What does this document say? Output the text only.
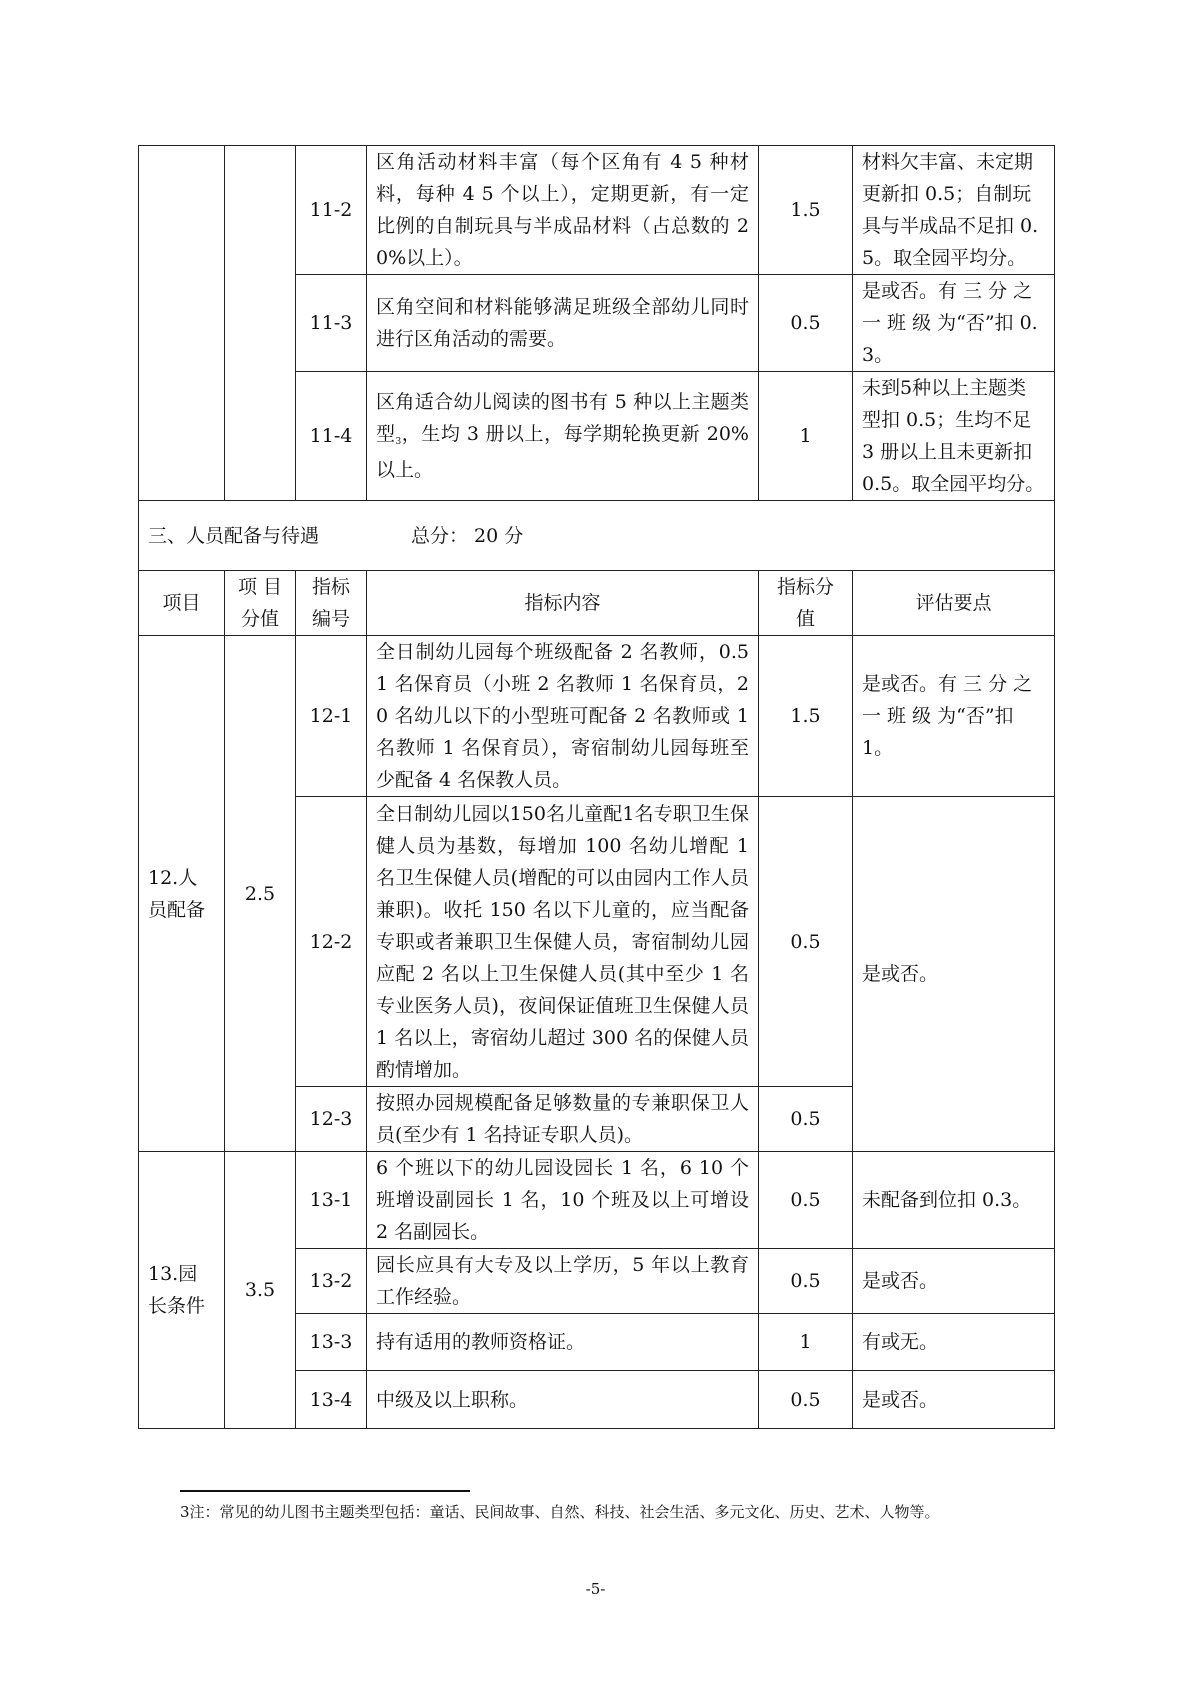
		11-2	区角活动材料丰富（每个区角有 4 5 种材料，每种 4 5 个以上），定期更新，有一定比例的自制玩具与半成品材料（占总数的 20%以上）。	1.5	材料欠丰富、未定期更新扣 0.5；自制玩具与半成品不足扣 0.5。取全园平均分。
		11-3	区角空间和材料能够满足班级全部幼儿同时进行区角活动的需要。	0.5	是或否。有 三 分 之 一 班 级 为“否”扣 0.3。
		11-4	区角适合幼儿阅读的图书有 5 种以上主题类型$^3$，生均 3 册以上，每学期轮换更新 20% 以上。	1	未到5种以上主题类型扣 0.5；生均不足 3 册以上且未更新扣 0.5。取全园平均分。
三、人员配备与待遇 总分： 20 分					
项目	项 目分值	指标编号	指标内容	指标分值	评估要点
12.人员配备	2.5	12-1	全日制幼儿园每个班级配备 2 名教师，0.5 1 名保育员（小班 2 名教师 1 名保育员，20 名幼儿以下的小型班可配备 2 名教师或 1 名教师 1 名保育员），寄宿制幼儿园每班至少配备 4 名保教人员。	1.5	是或否。有 三 分 之 一 班 级 为“否”扣 1。
		12-2	全日制幼儿园以150名儿童配1名专职卫生保健人员为基数，每增加 100 名幼儿增配 1 名卫生保健人员(增配的可以由园内工作人员兼职)。收托 150 名以下儿童的，应当配备专职或者兼职卫生保健人员，寄宿制幼儿园应配 2 名以上卫生保健人员(其中至少 1 名专业医务人员)，夜间保证值班卫生保健人员 1 名以上，寄宿幼儿超过 300 名的保健人员酌情增加。	0.5	是或否。
		12-3	按照办园规模配备足够数量的专兼职保卫人员(至少有 1 名持证专职人员)。	0.5	
13.园长条件	3.5	13-1	6 个班以下的幼儿园设园长 1 名，6 10 个班增设副园长 1 名，10 个班及以上可增设 2 名副园长。	0.5	未配备到位扣 0.3。
		13-2	园长应具有大专及以上学历，5 年以上教育工作经验。	0.5	是或否。
		13-3	持有适用的教师资格证。	1	有或无。
		13-4	中级及以上职称。	0.5	是或否。
3注：常见的幼儿图书主题类型包括：童话、民间故事、自然、科技、社会生活、多元文化、历史、艺术、人物等。
-5-
